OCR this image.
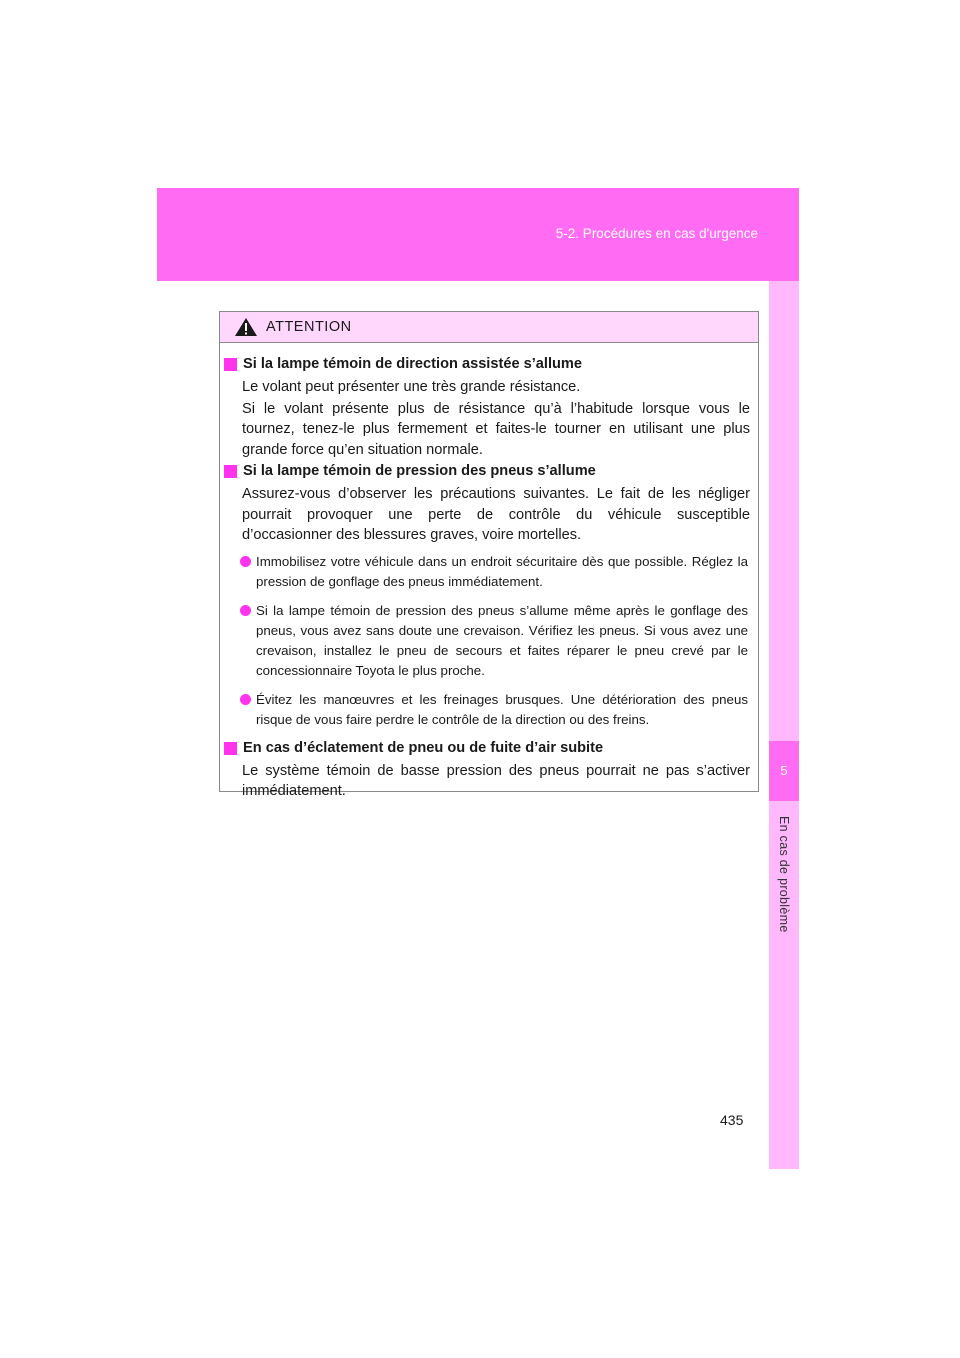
5-2. Procédures en cas d'urgence
5
En cas de problème
ATTENTION
Si la lampe témoin de direction assistée s’allume
Le volant peut présenter une très grande résistance.
Si le volant présente plus de résistance qu’à l’habitude lorsque vous le tournez, tenez-le plus fermement et faites-le tourner en utilisant une plus grande force qu’en situation normale.
Si la lampe témoin de pression des pneus s’allume
Assurez-vous d’observer les précautions suivantes. Le fait de les négliger pourrait provoquer une perte de contrôle du véhicule susceptible d’occasionner des blessures graves, voire mortelles.
Immobilisez votre véhicule dans un endroit sécuritaire dès que possible. Réglez la pression de gonflage des pneus immédiatement.
Si la lampe témoin de pression des pneus s’allume même après le gonflage des pneus, vous avez sans doute une crevaison. Vérifiez les pneus. Si vous avez une crevaison, installez le pneu de secours et faites réparer le pneu crevé par le concessionnaire Toyota le plus proche.
Évitez les manœuvres et les freinages brusques. Une détérioration des pneus risque de vous faire perdre le contrôle de la direction ou des freins.
En cas d’éclatement de pneu ou de fuite d’air subite
Le système témoin de basse pression des pneus pourrait ne pas s’activer immédiatement.
435
